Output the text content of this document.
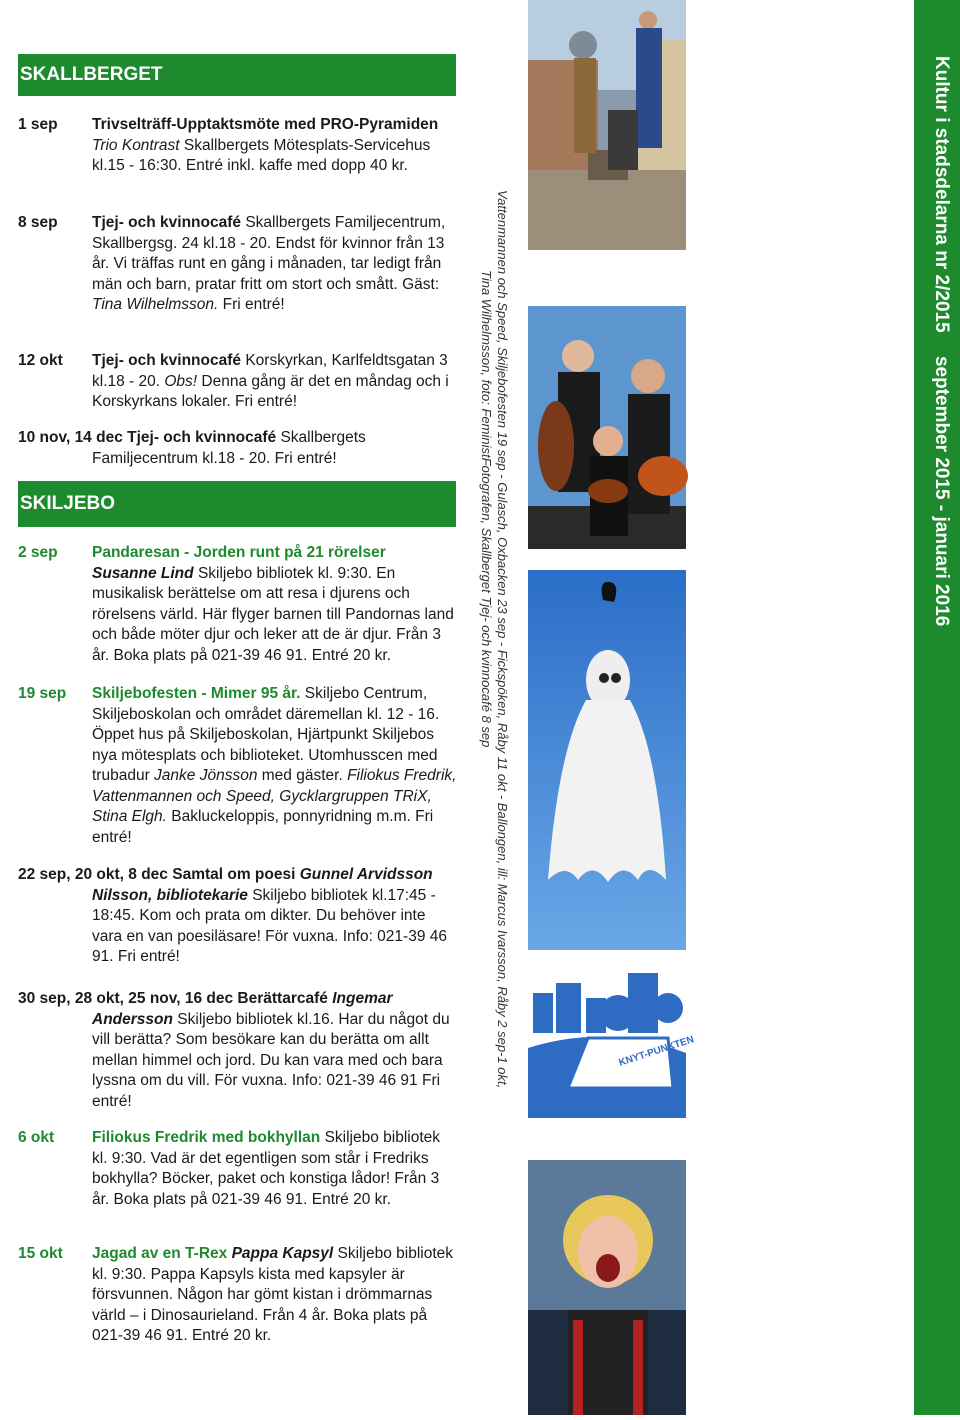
SKALLBERGET
1 sep Trivselträff-Upptaktsmöte med PRO-Pyramiden Trio Kontrast Skallbergets Mötesplats-Servicehus kl.15 - 16:30. Entré inkl. kaffe med dopp 40 kr.
8 sep Tjej- och kvinnocafé Skallbergets Familjecentrum, Skallbergsg. 24 kl.18 - 20. Endst för kvinnor från 13 år. Vi träffas runt en gång i månaden, tar ledigt från män och barn, pratar fritt om stort och smått. Gäst: Tina Wilhelmsson. Fri entré!
12 okt Tjej- och kvinnocafé Korskyrkan, Karlfeldtsgatan 3 kl.18 - 20. Obs! Denna gång är det en måndag och i Korskyrkans lokaler. Fri entré!
10 nov, 14 dec Tjej- och kvinnocafé Skallbergets
Familjecentrum kl.18 - 20. Fri entré!
SKILJEBO
2 sep Pandaresan - Jorden runt på 21 rörelser
Susanne Lind Skiljebo bibliotek kl. 9:30. En musikalisk berättelse om att resa i djurens och rörelsens värld. Här flyger barnen till Pandornas land och både möter djur och leker att de är djur. Från 3 år. Boka plats på 021-39 46 91. Entré 20 kr.
19 sep Skiljebofesten - Mimer 95 år. Skiljebo Centrum, Skiljeboskolan och området däremellan kl. 12 - 16. Öppet hus på Skiljeboskolan, Hjärtpunkt Skiljebos nya mötesplats och biblioteket. Utomhusscen med trubadur Janke Jönsson med gäster. Filiokus Fredrik, Vattenmannen och Speed, Gycklargruppen TRiX, Stina Elgh. Bakluckeloppis, ponnyridning m.m. Fri entré!
22 sep, 20 okt, 8 dec Samtal om poesi Gunnel Arvidsson Nilsson, bibliotekarie Skiljebo bibliotek kl.17:45 - 18:45. Kom och prata om dikter. Du behöver inte vara en van poesiläsare! För vuxna. Info: 021-39 46 91. Fri entré!
30 sep, 28 okt, 25 nov, 16 dec Berättarcafé Ingemar Andersson Skiljebo bibliotek kl.16. Har du något du vill berätta? Som besökare kan du berätta om allt mellan himmel och jord. Du kan vara med och bara lyssna om du vill. För vuxna. Info: 021-39 46 91 Fri entré!
6 okt Filiokus Fredrik med bokhyllan Skiljebo bibliotek kl. 9:30. Vad är det egentligen som står i Fredriks bokhylla? Böcker, paket och konstiga lådor! Från 3 år. Boka plats på 021-39 46 91. Entré 20 kr.
15 okt Jagad av en T-Rex Pappa Kapsyl Skiljebo bibliotek kl. 9:30. Pappa Kapsyls kista med kapsyler är försvunnen. Någon har gömt kistan i drömmarnas värld – i Dinosaurieland. Från 4 år. Boka plats på 021-39 46 91. Entré 20 kr.
KNYT-PUNKTEN
Vattenmannen och Speed, Skiljebofesten 19 sep - Gulasch, Oxbacken 23 sep - Fickspöken, Råby 11 okt - Ballongen, ill: Marcus Ivarsson, Råby 2 sep-1 okt,
Tina Wilhelmsson, foto: FeministFotografen, Skallberget Tjej- och kvinnocafé 8 sep
Kultur i stadsdelarna nr 2/2015 september 2015 - januari 2016
